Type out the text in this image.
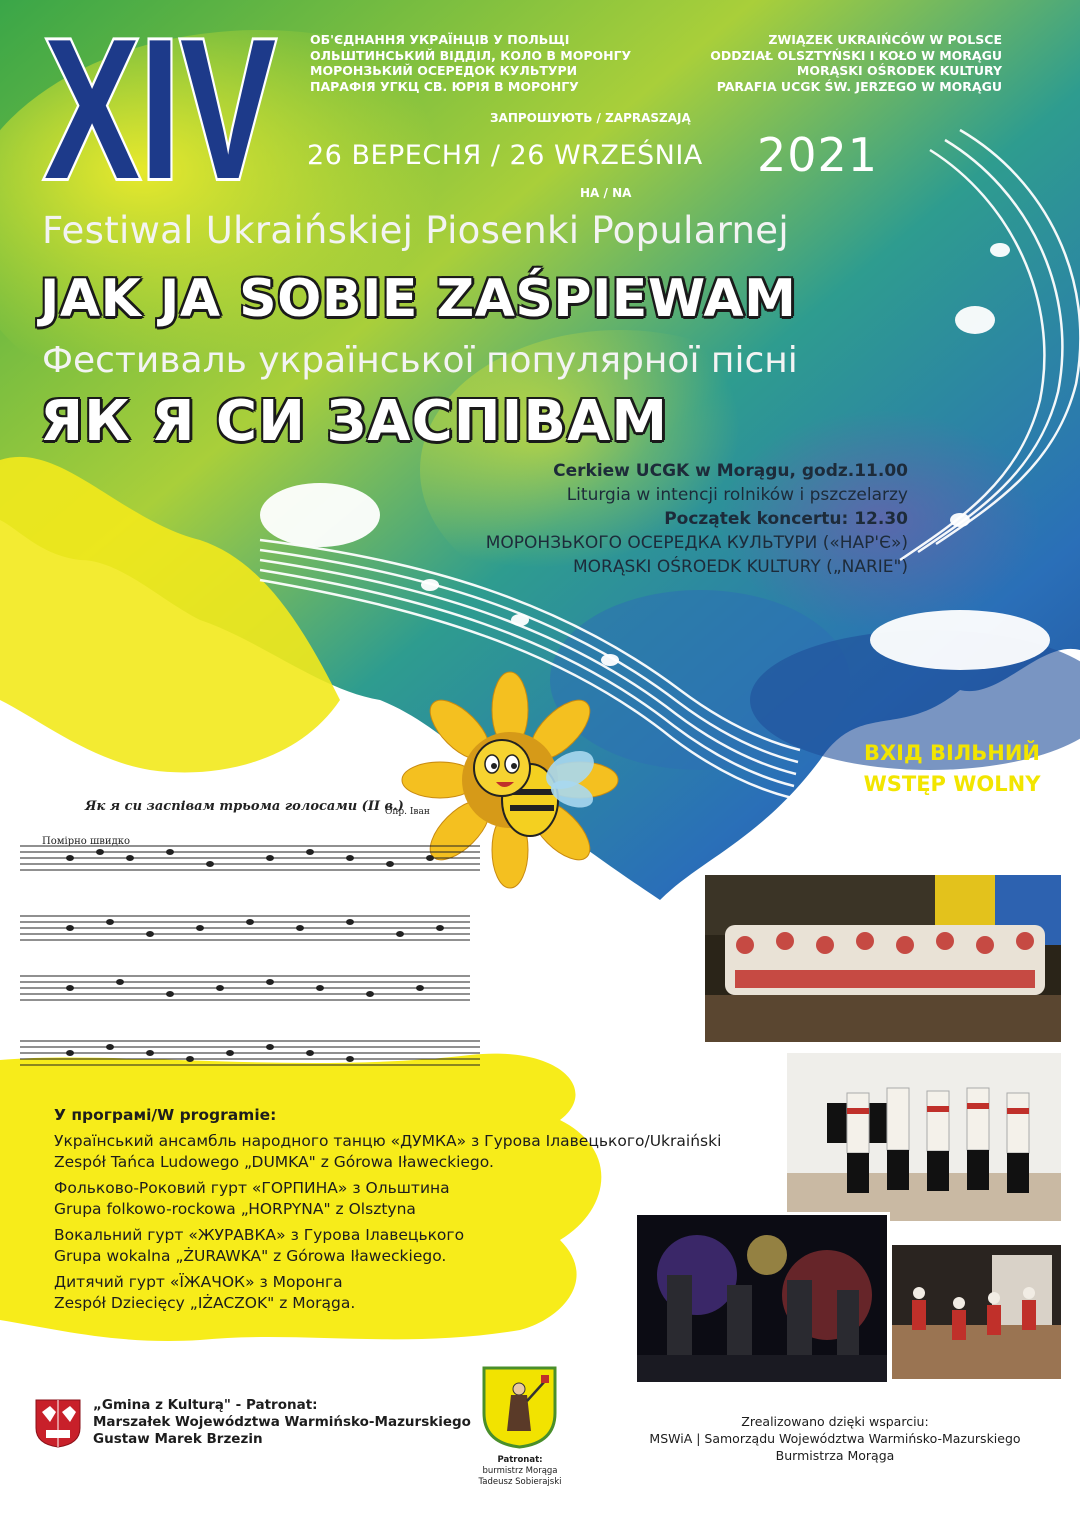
XIV	ОБ'ЄДНАННЯ УКРАЇНЦІВ У ПОЛЬЩІ
ОЛЬШТИНСЬКИЙ ВІДДІЛ, КОЛО В МОРОНГУ
МОРОНЗЬКИЙ ОСЕРЕДОК КУЛЬТУРИ
ПАРАФІЯ УГКЦ СВ. ЮРІЯ В МОРОНГУ
ZWIĄZEK UKRAIŃCÓW W POLSCE
ODDZIAŁ OLSZTYŃSKI I KOŁO W MORĄGU
MORĄSKI OŚRODEK KULTURY
PARAFIA UCGK ŚW. JERZEGO W MORĄGU
ЗАПРОШУЮТЬ / ZAPRASZAJĄ
26 ВЕРЕСНЯ / 26 WRZEŚNIA 2021
НА / NA
Festiwal Ukraińskiej Piosenki Popularnej
JAK JA SOBIE ZAŚPIEWAM
Фестиваль української популярної пісні
ЯК Я СИ ЗАСПІВАМ
Cerkiew UCGK w Morągu, godz.11.00
Liturgia w intencji rolników i pszczelarzy
Początek koncertu: 12.30
МОРОНЗЬКОГО ОСЕРЕДКА КУЛЬТУРИ («НАР'Є»)
MORĄSKI OŚROEDK KULTURY („NARIE")
ВХІД ВІЛЬНИЙ
WSTĘP WOLNY
Як я си заспівам трьома голосами (II в.)
Опр. Іван
Помірно швидко

У програмі/W programie:

Український ансамбль народного танцю «ДУМКА» з Гурова Ілавецького/Ukraiński
Zespół Tańca Ludowego „DUMKA" z Górowa Iławeckiego.

Фольково-Роковий гурт «ГОРПИНА» з Ольштина
Grupa folkowo-rockowa „HORPYNA" z Olsztyna

Вокальний гурт «ЖУРАВКА» з Гурова Ілавецького
Grupa wokalna „ŻURAWKA" z Górowa Iławeckiego.

Дитячий гурт «ЇЖАЧОК» з Моронга
Zespół Dziecięcy „IŻACZOK" z Morąga.

„Gmina z Kulturą" - Patronat:
Marszałek Województwa Warmińsko-Mazurskiego
Gustaw Marek Brzezin
Patronat:
burmistrz Morąga
Tadeusz Sobierajski
Zrealizowano dzięki wsparciu:
MSWiA | Samorządu Województwa Warmińsko-Mazurskiego
Burmistrza Morąga
